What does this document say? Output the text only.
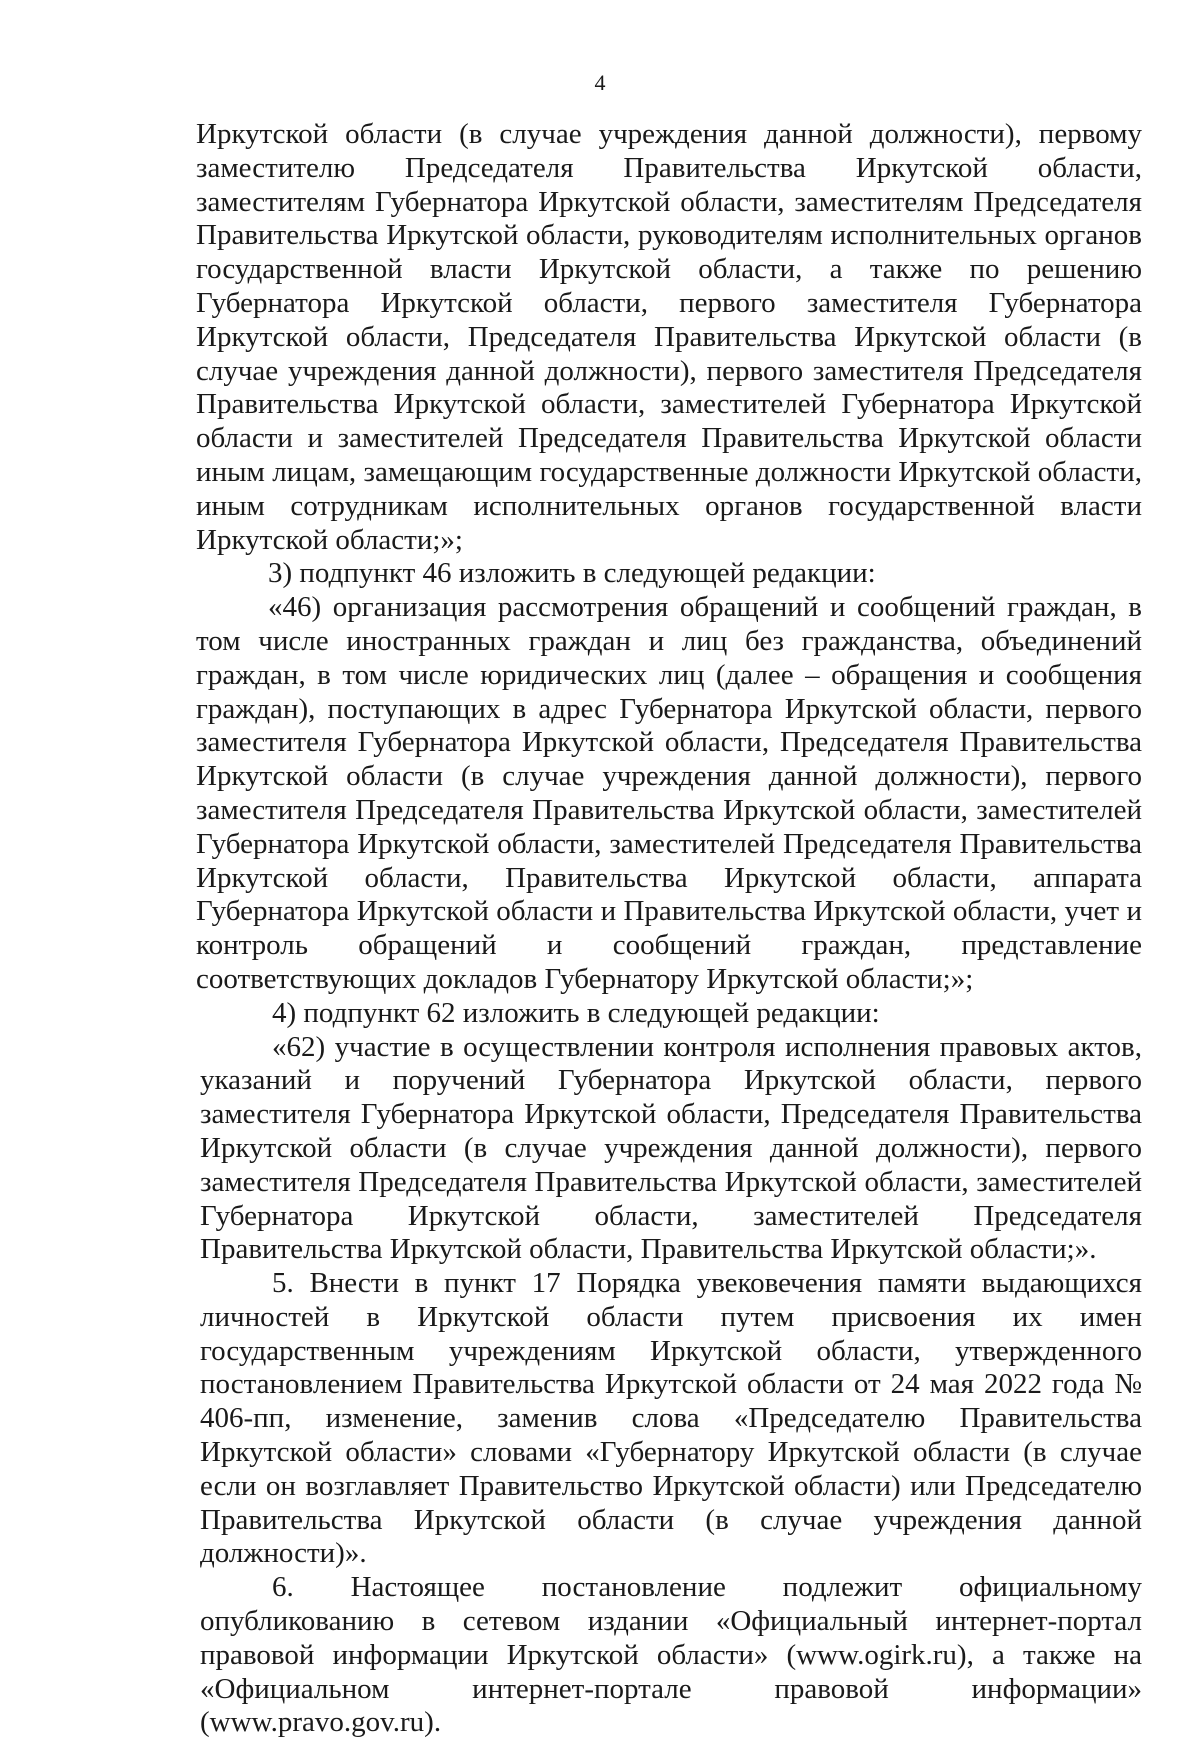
4

Иркутской области (в случае учреждения данной должности), первому заместителю Председателя Правительства Иркутской области, заместителям Губернатора Иркутской области, заместителям Председателя Правительства Иркутской области, руководителям исполнительных органов государственной власти Иркутской области, а также по решению Губернатора Иркутской области, первого заместителя Губернатора Иркутской области, Председателя Правительства Иркутской области (в случае учреждения данной должности), первого заместителя Председателя Правительства Иркутской области, заместителей Губернатора Иркутской области и заместителей Председателя Правительства Иркутской области иным лицам, замещающим государственные должности Иркутской области, иным сотрудникам исполнительных органов государственной власти Иркутской области;»;

3) подпункт 46 изложить в следующей редакции:

«46) организация рассмотрения обращений и сообщений граждан, в том числе иностранных граждан и лиц без гражданства, объединений граждан, в том числе юридических лиц (далее – обращения и сообщения граждан), поступающих в адрес Губернатора Иркутской области, первого заместителя Губернатора Иркутской области, Председателя Правительства Иркутской области (в случае учреждения данной должности), первого заместителя Председателя Правительства Иркутской области, заместителей Губернатора Иркутской области, заместителей Председателя Правительства Иркутской области, Правительства Иркутской области, аппарата Губернатора Иркутской области и Правительства Иркутской области, учет и контроль обращений и сообщений граждан, представление соответствующих докладов Губернатору Иркутской области;»;

4) подпункт 62 изложить в следующей редакции:

«62) участие в осуществлении контроля исполнения правовых актов, указаний и поручений Губернатора Иркутской области, первого заместителя Губернатора Иркутской области, Председателя Правительства Иркутской области (в случае учреждения данной должности), первого заместителя Председателя Правительства Иркутской области, заместителей Губернатора Иркутской области, заместителей Председателя Правительства Иркутской области, Правительства Иркутской области;».

5. Внести в пункт 17 Порядка увековечения памяти выдающихся личностей в Иркутской области путем присвоения их имен государственным учреждениям Иркутской области, утвержденного постановлением Правительства Иркутской области от 24 мая 2022 года № 406-пп, изменение, заменив слова «Председателю Правительства Иркутской области» словами «Губернатору Иркутской области (в случае если он возглавляет Правительство Иркутской области) или Председателю Правительства Иркутской области (в случае учреждения данной должности)».

6. Настоящее постановление подлежит официальному опубликованию в сетевом издании «Официальный интернет-портал правовой информации Иркутской области» (www.ogirk.ru), а также на «Официальном интернет-портале правовой информации» (www.pravo.gov.ru).
